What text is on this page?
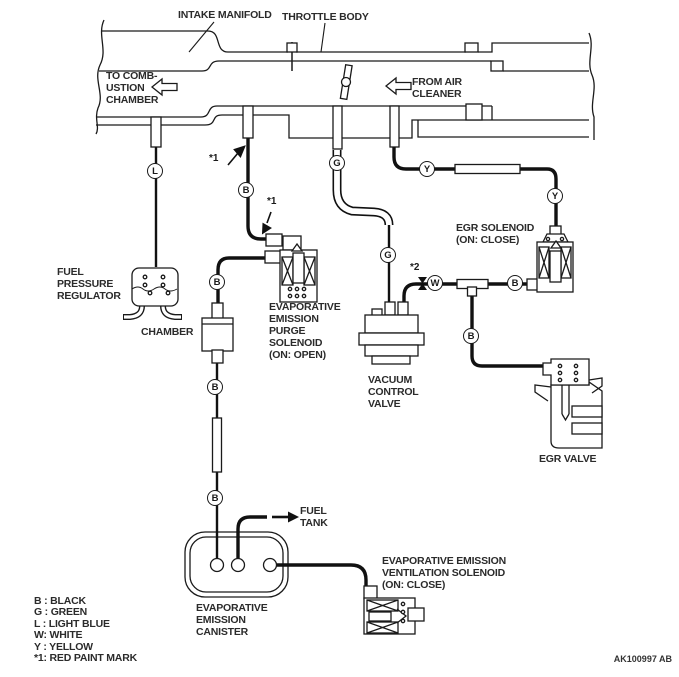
L
B
B
B
B
G
G
Y
Y
W	B
B
INTAKE MANIFOLD THROTTLE BODY
TO COMB-
USTION
CHAMBER
FROM AIR
CLEANER
FUEL
PRESSURE
REGULATOR
CHAMBER
EVAPORATIVE
EMISSION
PURGE
SOLENOID
(ON: OPEN)
EGR SOLENOID
(ON: CLOSE)
VACUUM
CONTROL
VALVE
EGR VALVE
FUEL
TANK
EVAPORATIVE
EMISSION
CANISTER
EVAPORATIVE EMISSION
VENTILATION SOLENOID
(ON: CLOSE)
*1
*1
*2
B : BLACK
G : GREEN
L : LIGHT BLUE
W: WHITE
Y : YELLOW
*1: RED PAINT MARK	AK100997 AB
